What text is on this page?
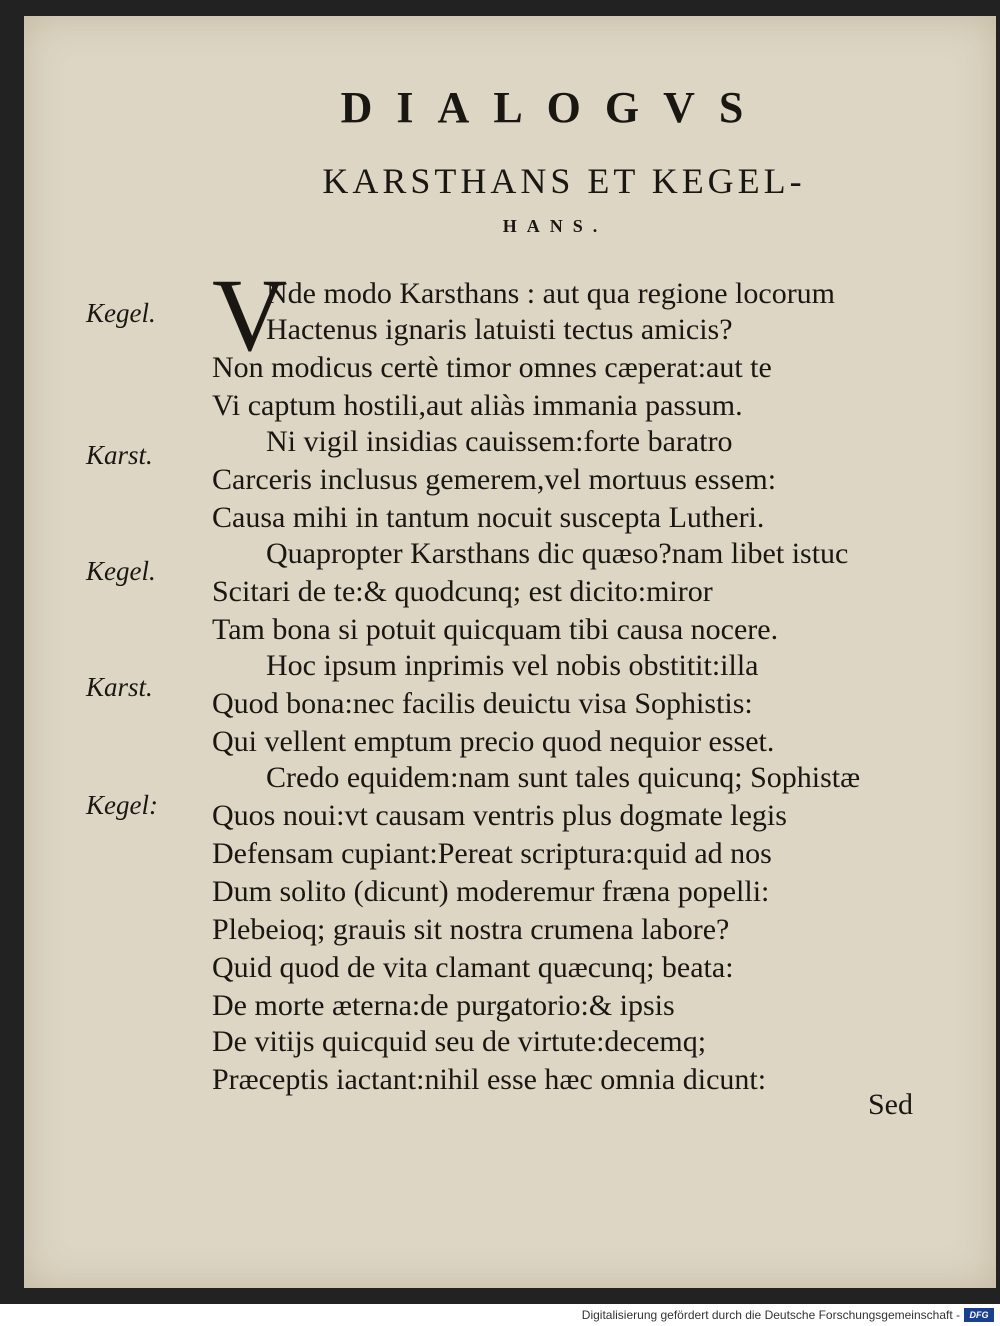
DIALOGVS
KARSTHANS ET KEGEL-
HANS.
Kegel.
Karst.
Kegel.
Karst.
Kegel:
V
Nde modo Karsthans : aut qua regione locorum
Hactenus ignaris latuisti tectus amicis?
Non modicus certè timor omnes cæperat:aut te
Vi captum hostili,aut aliàs immania passum.
Ni vigil insidias cauissem:forte baratro
Carceris inclusus gemerem,vel mortuus essem:
Causa mihi in tantum nocuit suscepta Lutheri.
Quapropter Karsthans dic quæso?nam libet istuc
Scitari de te:& quodcunq; est dicito:miror
Tam bona si potuit quicquam tibi causa nocere.
Hoc ipsum inprimis vel nobis obstitit:illa
Quod bona:nec facilis deuictu visa Sophistis:
Qui vellent emptum precio quod nequior esset.
Credo equidem:nam sunt tales quicunq; Sophistæ
Quos noui:vt causam ventris plus dogmate legis
Defensam cupiant:Pereat scriptura:quid ad nos
Dum solito (dicunt) moderemur fræna popelli:
Plebeioq; grauis sit nostra crumena labore?
Quid quod de vita clamant quæcunq; beata:
De morte æterna:de purgatorio:& ipsis
De vitijs quicquid seu de virtute:decemq;
Præceptis iactant:nihil esse hæc omnia dicunt:
Sed
Digitalisierung gefördert durch die Deutsche Forschungsgemeinschaft -	DFG
